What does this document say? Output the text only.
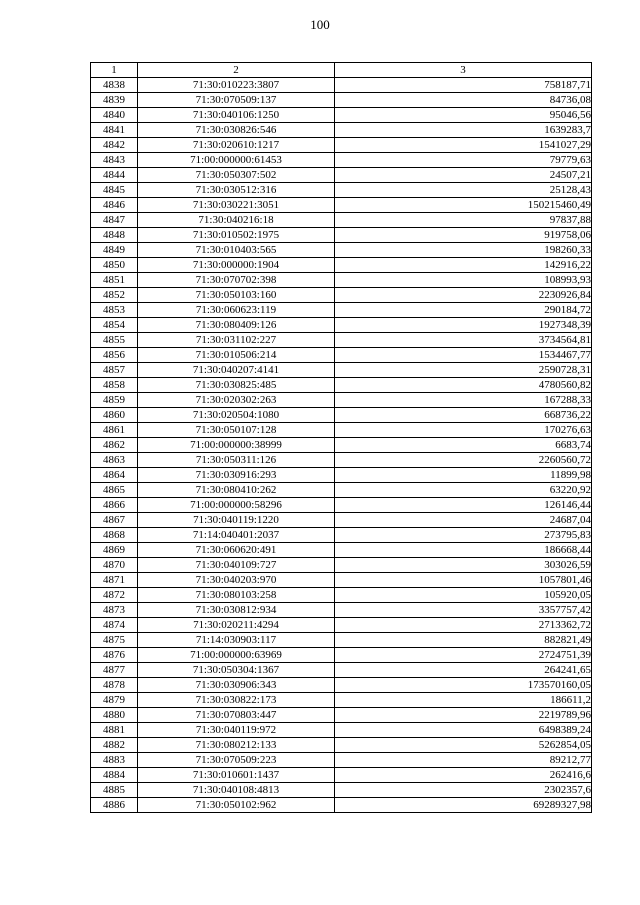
100
1	2	3
4838	71:30:010223:3807	758187,71
4839	71:30:070509:137	84736,08
4840	71:30:040106:1250	95046,56
4841	71:30:030826:546	1639283,7
4842	71:30:020610:1217	1541027,29
4843	71:00:000000:61453	79779,63
4844	71:30:050307:502	24507,21
4845	71:30:030512:316	25128,43
4846	71:30:030221:3051	150215460,49
4847	71:30:040216:18	97837,88
4848	71:30:010502:1975	919758,06
4849	71:30:010403:565	198260,33
4850	71:30:000000:1904	142916,22
4851	71:30:070702:398	108993,93
4852	71:30:050103:160	2230926,84
4853	71:30:060623:119	290184,72
4854	71:30:080409:126	1927348,39
4855	71:30:031102:227	3734564,81
4856	71:30:010506:214	1534467,77
4857	71:30:040207:4141	2590728,31
4858	71:30:030825:485	4780560,82
4859	71:30:020302:263	167288,33
4860	71:30:020504:1080	668736,22
4861	71:30:050107:128	170276,63
4862	71:00:000000:38999	6683,74
4863	71:30:050311:126	2260560,72
4864	71:30:030916:293	11899,98
4865	71:30:080410:262	63220,92
4866	71:00:000000:58296	126146,44
4867	71:30:040119:1220	24687,04
4868	71:14:040401:2037	273795,83
4869	71:30:060620:491	186668,44
4870	71:30:040109:727	303026,59
4871	71:30:040203:970	1057801,46
4872	71:30:080103:258	105920,05
4873	71:30:030812:934	3357757,42
4874	71:30:020211:4294	2713362,72
4875	71:14:030903:117	882821,49
4876	71:00:000000:63969	2724751,39
4877	71:30:050304:1367	264241,65
4878	71:30:030906:343	173570160,05
4879	71:30:030822:173	186611,2
4880	71:30:070803:447	2219789,96
4881	71:30:040119:972	6498389,24
4882	71:30:080212:133	5262854,05
4883	71:30:070509:223	89212,77
4884	71:30:010601:1437	262416,6
4885	71:30:040108:4813	2302357,6
4886	71:30:050102:962	69289327,98
